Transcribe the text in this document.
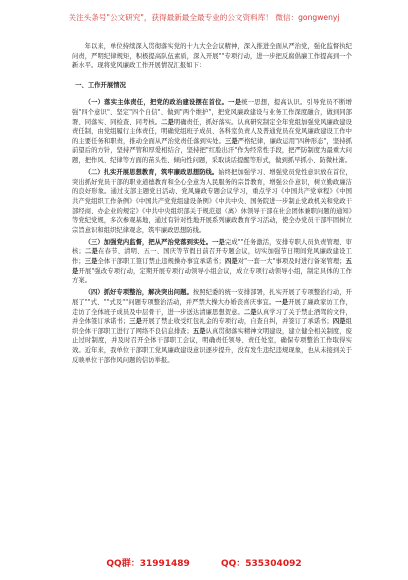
关注头条号"公文研究"，获得最新最全最专业的公文资料库！ 微信：gongwenyj

年以来，单位持续深入贯彻落实党的十九大全会议精神，深入推进全面从严治党，强化监督执纪问责，严明纪律规矩，积极提高队伍素质，深入开展""专项行动，进一步把反腐倡廉工作提高到一个新水平。现将党风廉政工作开展情况汇报如下：

一、工作开展情况

（一）落实主体责任，把党的政治建设摆在首位。一是统一思想，提高认识。引导党员不断增强"四个意识"、坚定"四个自信"、做到"两个维护"，把党风廉政建设与业务工作深度融合，做到同部署、同落实、同检查、同考核。二是明确责任，抓好落实。认真研究制定全年党组加强党风廉政建设责任制，由党组履行主体责任，明确党组班子成员、各科室负责人及普通党员在党风廉政建设工作中的主要任务和职责，推动全面从严治党责任落到实处。三是严格纪律，廉政运用"四种形态"，坚持抓前望后的方针，坚持严管和厚爱相结合，坚持把"红脸出汗"作为经常性手段，把严防制度为最重大问题，把作风、纪律等方面的苗头性、倾向性问题，采取谈话提醒等形式，做到抓早抓小、防微杜渐。

（二）扎实开展思想教育，筑牢廉政思想防线。始终把加强学习、增强党员党性意识放在首位，突出抓好党员干部的职业道德教育和全心全意为人民服务的宗旨教育，增强公仆意识，树立勤政廉洁的良好形象。通过支部主题党日活动、党风廉政专题会议学习，重点学习《中国共产党章程》《中国共产党组织工作条例》《中国共产党党组建设条例》《中共中央、国务院进一步制止党政机关和党政干部经商、办企业的规定》《中共中央组织部关于规范退（离）休领导干部在社会团体兼职问题的通知》等党纪党规，多次参观基地，通过有针对性地开展系列廉政教育学习活动，使全办党员干部牢固树立宗旨意识和组织纪律观念，筑牢廉政思想防线。

（三）加强党内监督，把从严治党落到实处。一是完成""任务激活，安排专职人员负责管理、审核；二是在春节、清明、五一、国庆等节假日前召开专题会议，切实加强节日期间党风廉政建设工作；三是全体干部职工签订禁止违规操办事宜承诺书；四是对"一套一大"事项及时进行备案管理；五是开展"强改专项行动，定期开展专项行动领导小组会议，成立专项行动领导小组，制定具体的工作方案。

（四）抓好专项整治，解决突出问题。按照纪委的统一安排部署，扎实开展了专项整治行动，开展了""式、""式及""问题专项整治活动，并严禁大操大办婚丧喜庆事宜。一是开展了廉政家访工作，走访了全体班子成员及中层骨干，进一步送达清廉思想贺意。二是认真学习了关于禁止酒驾的文件，并全体签订承诺书；三是开展了禁止收受红包礼金的专项行动，自查自纠，并签订了承诺书；四是组织全体干部职工进行了网络不良信息排查；五是认真贯彻落实精神文明建设，建立健全相关制度，废止过时制度，并及时召开全体干部职工会议，明确责任领导、责任处室，确保专项整治工作取得实效。近年来，我单位干部职工党风廉政建设意识逐步提升，没有发生违纪违规现象，也从未接到关于反映单位干部作风问题的信访举报。

QQ群：31991489	QQ：535304092
